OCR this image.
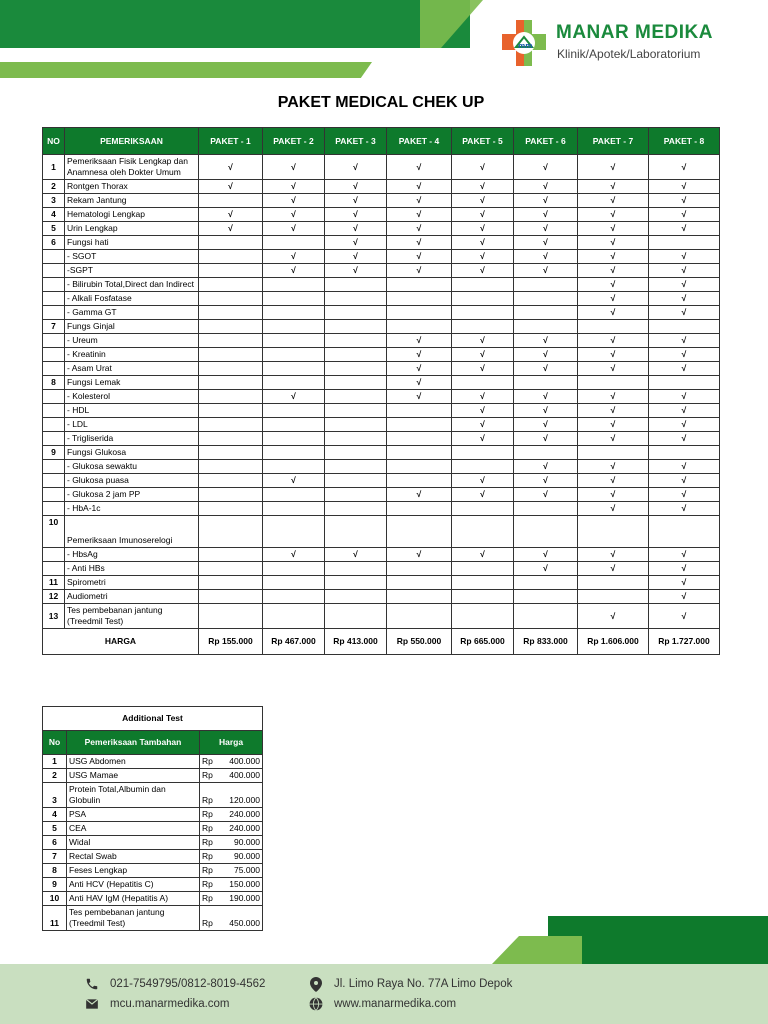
mm
MANAR MEDIKA
Klinik/Apotek/Laboratorium
PAKET MEDICAL CHEK UP
NO	PEMERIKSAAN	PAKET - 1	PAKET - 2	PAKET - 3	PAKET - 4	PAKET - 5	PAKET - 6	PAKET - 7	PAKET - 8
1	Pemeriksaan Fisik Lengkap dan Anamnesa oleh Dokter Umum	√	√	√	√	√	√	√	√
2	Rontgen Thorax	√	√	√	√	√	√	√	√
3	Rekam Jantung		√	√	√	√	√	√	√
4	Hematologi Lengkap	√	√	√	√	√	√	√	√
5	Urin Lengkap	√	√	√	√	√	√	√	√
6	Fungsi hati			√	√	√	√	√	
	- SGOT		√	√	√	√	√	√	√
	-SGPT		√	√	√	√	√	√	√
	- Bilirubin Total,Direct dan Indirect							√	√
	- Alkali Fosfatase							√	√
	- Gamma GT							√	√
7	Fungs Ginjal								
	- Ureum				√	√	√	√	√
	- Kreatinin				√	√	√	√	√
	- Asam Urat				√	√	√	√	√
8	Fungsi Lemak				√				
	- Kolesterol		√		√	√	√	√	√
	- HDL					√	√	√	√
	- LDL					√	√	√	√
	- Trigliserida					√	√	√	√
9	Fungsi Glukosa								
	- Glukosa sewaktu						√	√	√
	- Glukosa puasa		√			√	√	√	√
	- Glukosa 2 jam PP				√	√	√	√	√
	- HbA-1c							√	√
10	Pemeriksaan Imunoserelogi								
	- HbsAg		√	√	√	√	√	√	√
	- Anti HBs						√	√	√
11	Spirometri								√
12	Audiometri								√
13	Tes pembebanan jantung (Treedmil Test)							√	√
HARGA		Rp 155.000	Rp 467.000	Rp 413.000	Rp 550.000	Rp 665.000	Rp 833.000	Rp 1.606.000	Rp 1.727.000
Additional Test		
No	Pemeriksaan Tambahan	Harga
1	USG Abdomen	Rp 400.000

2	USG Mamae	Rp 400.000

3	Protein Total,Albumin dan Globulin	Rp 120.000

4	PSA	Rp 240.000

5	CEA	Rp 240.000

6	Widal	Rp 90.000

7	Rectal Swab	Rp 90.000

8	Feses Lengkap	Rp 75.000

9	Anti HCV (Hepatitis C)	Rp 150.000

10	Anti HAV IgM (Hepatitis A)	Rp 190.000

11	Tes pembebanan jantung (Treedmil Test)	Rp 450.000
021-7549795/0812-8019-4562
mcu.manarmedika.com
Jl. Limo Raya No. 77A Limo Depok
www.manarmedika.com
